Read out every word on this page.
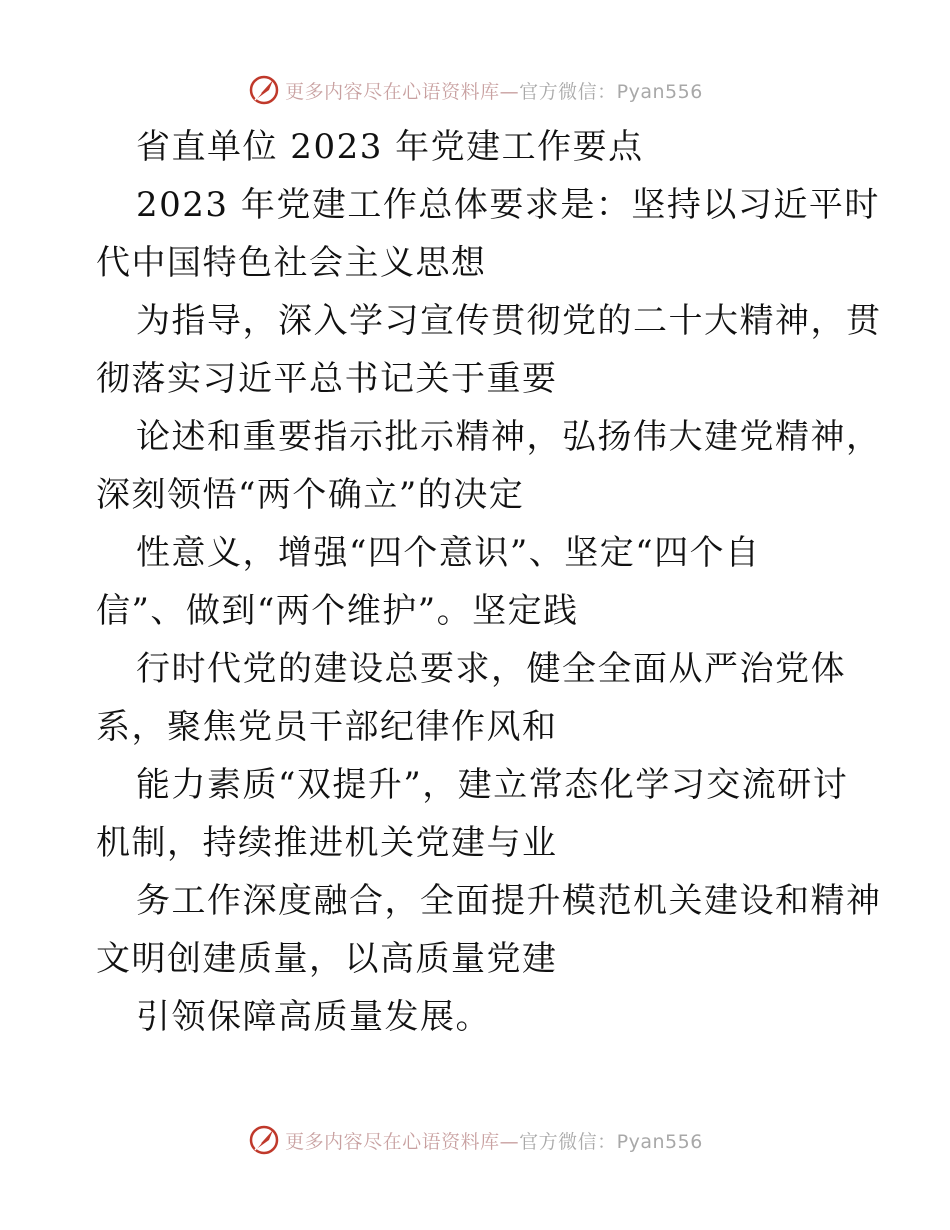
更多内容尽在心语资料库—官方微信：Pyan556
省直单位 2023 年党建工作要点
2023 年党建工作总体要求是：坚持以习近平时
代中国特色社会主义思想
为指导，深入学习宣传贯彻党的二十大精神，贯
彻落实习近平总书记关于重要
论述和重要指示批示精神，弘扬伟大建党精神，
深刻领悟“两个确立”的决定
性意义，增强“四个意识”、坚定“四个自
信”、做到“两个维护”。坚定践
行时代党的建设总要求，健全全面从严治党体
系，聚焦党员干部纪律作风和
能力素质“双提升”，建立常态化学习交流研讨
机制，持续推进机关党建与业
务工作深度融合，全面提升模范机关建设和精神
文明创建质量，以高质量党建
引领保障高质量发展。
更多内容尽在心语资料库—官方微信：Pyan556
